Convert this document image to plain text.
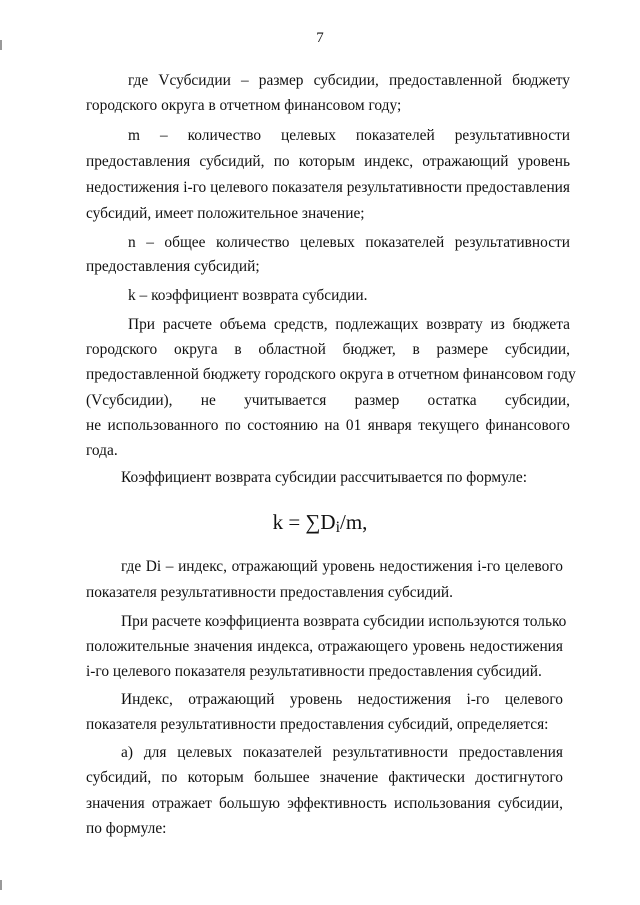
7
где Vсубсидии – размер субсидии, предоставленной бюджету
городского округа в отчетном финансовом году;
m – количество целевых показателей результативности
предоставления субсидий, по которым индекс, отражающий уровень
недостижения i-го целевого показателя результативности предоставления
субсидий, имеет положительное значение;
n – общее количество целевых показателей результативности
предоставления субсидий;
k – коэффициент возврата субсидии.
При расчете объема средств, подлежащих возврату из бюджета
городского округа в областной бюджет, в размере субсидии,
предоставленной бюджету городского округа в отчетном финансовом году
(Vсубсидии), не учитывается размер остатка субсидии,
не использованного по состоянию на 01 января текущего финансового
года.
Коэффициент возврата субсидии рассчитывается по формуле:
k = ∑Di/m,
где Di – индекс, отражающий уровень недостижения i-го целевого
показателя результативности предоставления субсидий.
При расчете коэффициента возврата субсидии используются только
положительные значения индекса, отражающего уровень недостижения
i-го целевого показателя результативности предоставления субсидий.
Индекс, отражающий уровень недостижения i-го целевого
показателя результативности предоставления субсидий, определяется:
а) для целевых показателей результативности предоставления
субсидий, по которым большее значение фактически достигнутого
значения отражает большую эффективность использования субсидии,
по формуле:
